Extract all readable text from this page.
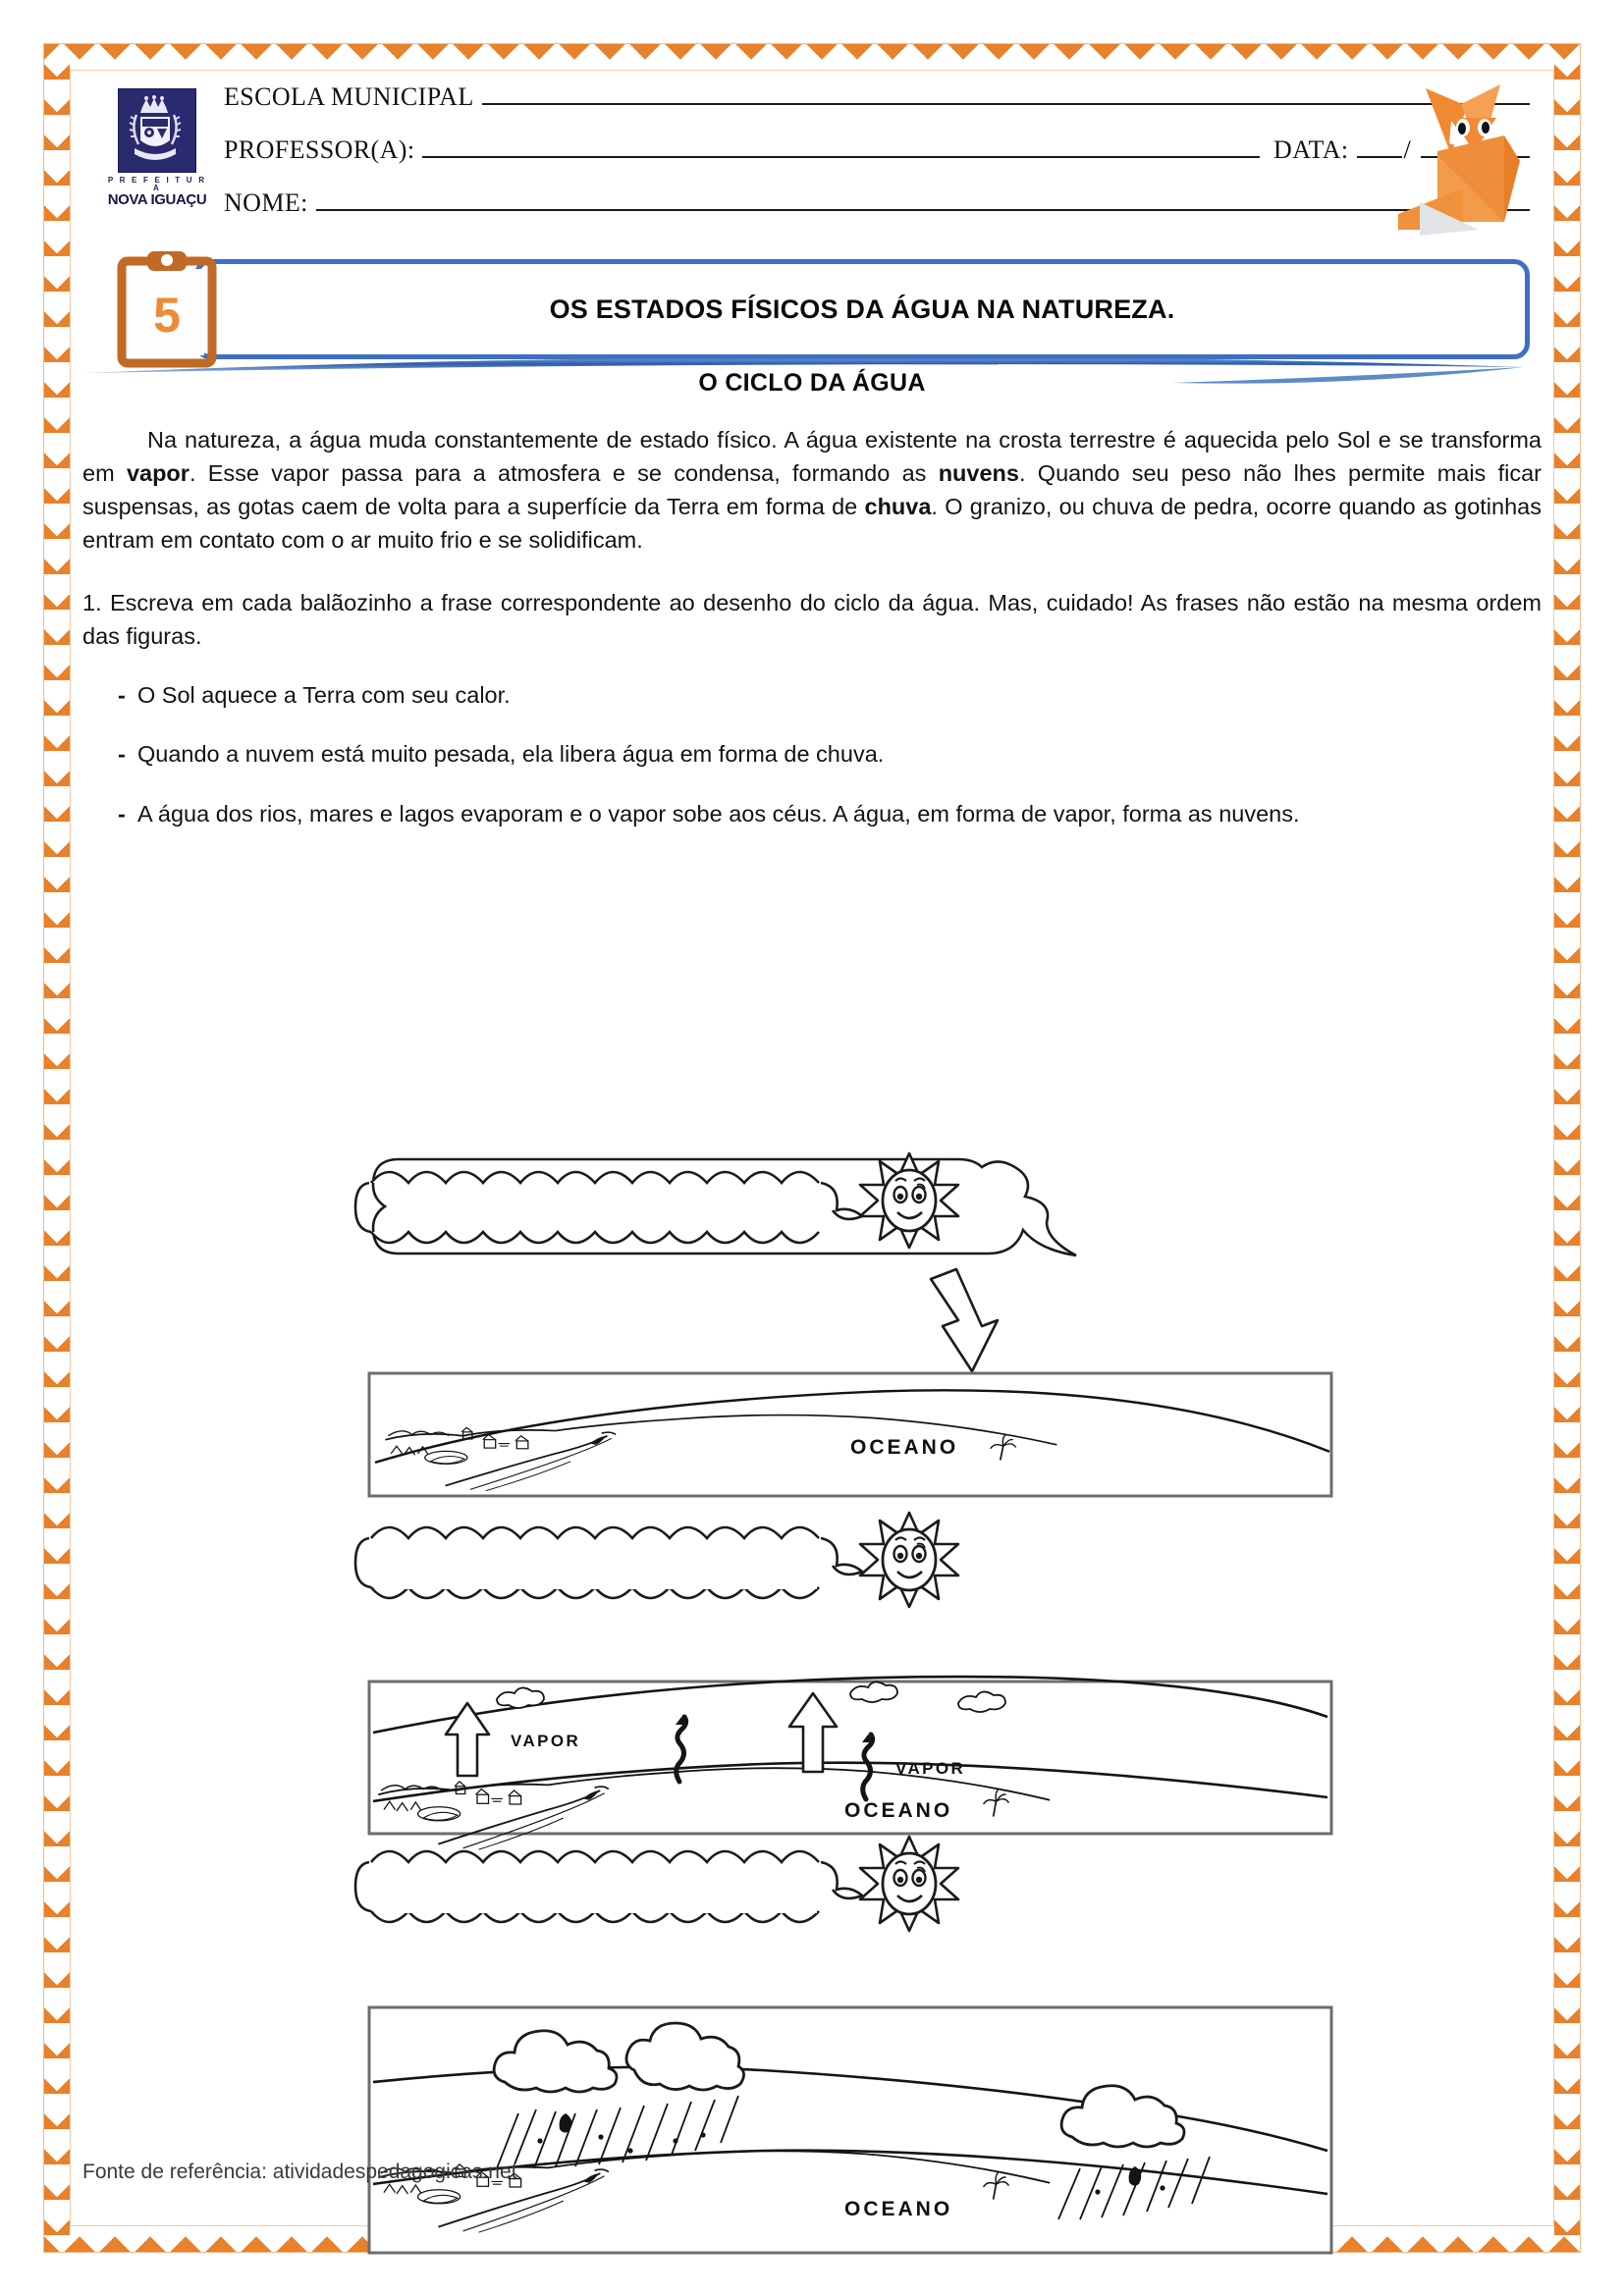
P R E F E I T U R A
NOVA IGUAÇU
ESCOLA MUNICIPAL
PROFESSOR(A):	DATA: /
NOME:
5	OS ESTADOS FÍSICOS DA ÁGUA NA NATUREZA.
O CICLO DA ÁGUA

Na natureza, a água muda constantemente de estado físico. A água existente na crosta terrestre é aquecida pelo Sol e se transforma em vapor. Esse vapor passa para a atmosfera e se condensa, formando as nuvens. Quando seu peso não lhes permite mais ficar suspensas, as gotas caem de volta para a superfície da Terra em forma de chuva. O granizo, ou chuva de pedra, ocorre quando as gotinhas entram em contato com o ar muito frio e se solidificam.

1. Escreva em cada balãozinho a frase correspondente ao desenho do ciclo da água. Mas, cuidado! As frases não estão na mesma ordem das figuras.

- O Sol aquece a Terra com seu calor.
- Quando a nuvem está muito pesada, ela libera água em forma de chuva.
- A água dos rios, mares e lagos evaporam e o vapor sobe aos céus. A água, em forma de vapor, forma as nuvens.
OCEANO
VAPOR
VAPOR
OCEANO
OCEANO
Fonte de referência: atividadespedagogicas.net
